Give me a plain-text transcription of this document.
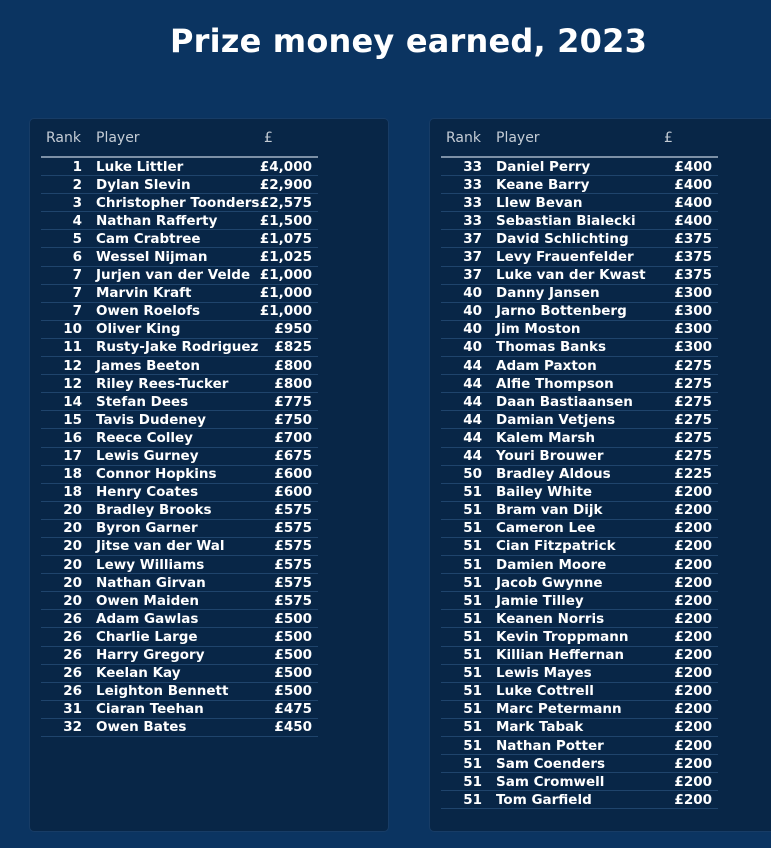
Prize money earned, 2023
Rank Player	£
1 Luke Littler	£4,000
2 Dylan Slevin	£2,900
3 Christopher Toonders £2,575
4 Nathan Rafferty	£1,500
5 Cam Crabtree	£1,075
6 Wessel Nijman	£1,025
7 Jurjen van der Velde £1,000
7 Marvin Kraft	£1,000
7 Owen Roelofs	£1,000
10 Oliver King	£950
11 Rusty-Jake Rodriguez £825
12 James Beeton	£800
12 Riley Rees-Tucker	£800
14 Stefan Dees	£775
15 Tavis Dudeney	£750
16 Reece Colley	£700
17 Lewis Gurney	£675
18 Connor Hopkins	£600
18 Henry Coates	£600
20 Bradley Brooks	£575
20 Byron Garner	£575
20 Jitse van der Wal	£575
20 Lewy Williams	£575
20 Nathan Girvan	£575
20 Owen Maiden	£575
26 Adam Gawlas	£500
26 Charlie Large	£500
26 Harry Gregory	£500
26 Keelan Kay	£500
26 Leighton Bennett	£500
31 Ciaran Teehan	£475
32 Owen Bates	£450
Rank Player	£
33 Daniel Perry	£400
33 Keane Barry	£400
33 Llew Bevan	£400
33 Sebastian Bialecki	£400
37 David Schlichting	£375
37 Levy Frauenfelder	£375
37 Luke van der Kwast £375
40 Danny Jansen	£300
40 Jarno Bottenberg	£300
40 Jim Moston	£300
40 Thomas Banks	£300
44 Adam Paxton	£275
44 Alfie Thompson	£275
44 Daan Bastiaansen	£275
44 Damian Vetjens	£275
44 Kalem Marsh	£275
44 Youri Brouwer	£275
50 Bradley Aldous	£225
51 Bailey White	£200
51 Bram van Dijk	£200
51 Cameron Lee	£200
51 Cian Fitzpatrick	£200
51 Damien Moore	£200
51 Jacob Gwynne	£200
51 Jamie Tilley	£200
51 Keanen Norris	£200
51 Kevin Troppmann	£200
51 Killian Heffernan	£200
51 Lewis Mayes	£200
51 Luke Cottrell	£200
51 Marc Petermann	£200
51 Mark Tabak	£200
51 Nathan Potter	£200
51 Sam Coenders	£200
51 Sam Cromwell	£200
51 Tom Garfield	£200
